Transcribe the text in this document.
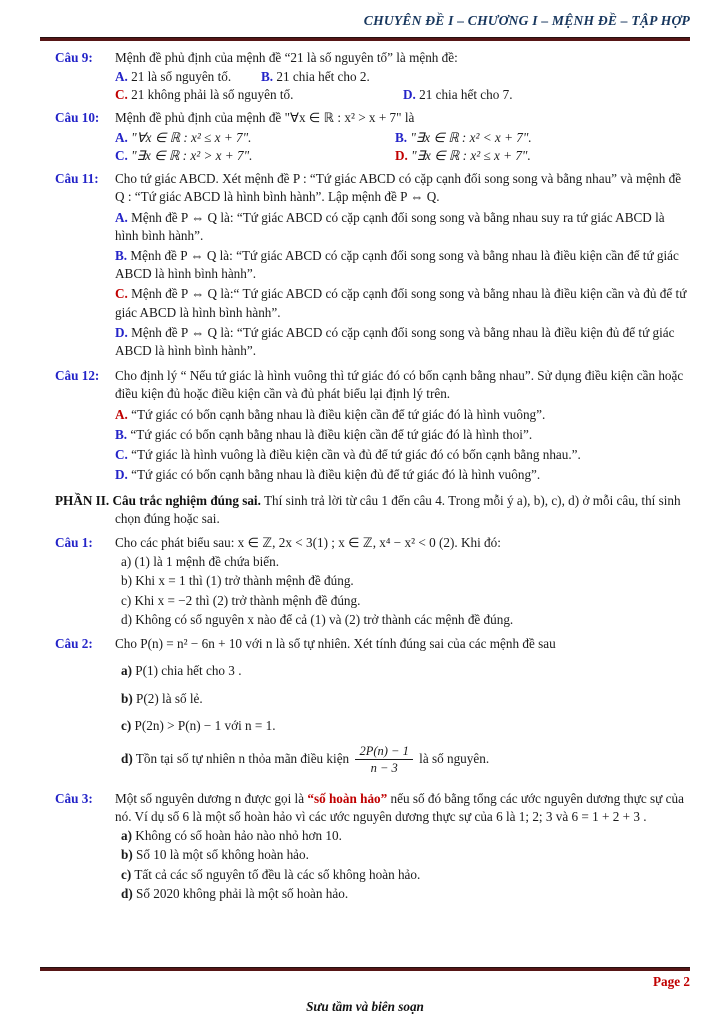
CHUYÊN ĐỀ I – CHƯƠNG I – MỆNH ĐỀ – TẬP HỢP
Câu 9:	Mệnh đề phủ định của mệnh đề “21 là số nguyên tố” là mệnh đề:
A. 21 là số nguyên tố.	B. 21 chia hết cho 2.
C. 21 không phải là số nguyên tố.	D. 21 chia hết cho 7.
Câu 10:	Mệnh đề phủ định của mệnh đề "∀x ∈ ℝ : x² > x + 7" là
A. "∀x ∈ ℝ : x² ≤ x + 7".	B. "∃x ∈ ℝ : x² < x + 7".
C. "∃x ∈ ℝ : x² > x + 7".	D. "∃x ∈ ℝ : x² ≤ x + 7".
Câu 11:	Cho tứ giác ABCD. Xét mệnh đề P : “Tứ giác ABCD có cặp cạnh đối song song và bằng nhau” và mệnh đề Q : “Tứ giác ABCD là hình bình hành”. Lập mệnh đề P ⇔ Q.
A. Mệnh đề P ⇔ Q là: “Tứ giác ABCD có cặp cạnh đối song song và bằng nhau suy ra tứ giác ABCD là hình bình hành”.
B. Mệnh đề P ⇔ Q là: “Tứ giác ABCD có cặp cạnh đối song song và bằng nhau là điều kiện cần để tứ giác ABCD là hình bình hành”.
C. Mệnh đề P ⇔ Q là:“ Tứ giác ABCD có cặp cạnh đối song song và bằng nhau là điều kiện cần và đủ để tứ giác ABCD là hình bình hành”.
D. Mệnh đề P ⇔ Q là: “Tứ giác ABCD có cặp cạnh đối song song và bằng nhau là điều kiện đủ để tứ giác ABCD là hình bình hành”.
Câu 12:	Cho định lý “ Nếu tứ giác là hình vuông thì tứ giác đó có bốn cạnh bằng nhau”. Sử dụng điều kiện cần hoặc điều kiện đủ hoặc điều kiện cần và đủ phát biểu lại định lý trên.
A. “Tứ giác có bốn cạnh bằng nhau là điều kiện cần để tứ giác đó là hình vuông”.
B. “Tứ giác có bốn cạnh bằng nhau là điều kiện cần để tứ giác đó là hình thoi”.
C. “Tứ giác là hình vuông là điều kiện cần và đủ để tứ giác đó có bốn cạnh bằng nhau.”.
D. “Tứ giác có bốn cạnh bằng nhau là điều kiện đủ để tứ giác đó là hình vuông”.
PHẦN II. Câu trắc nghiệm đúng sai. Thí sinh trả lời từ câu 1 đến câu 4. Trong mỗi ý a), b), c), d) ở mỗi câu, thí sinh chọn đúng hoặc sai.
Câu 1:	Cho các phát biểu sau: x ∈ ℤ, 2x < 3(1) ; x ∈ ℤ, x⁴ − x² < 0 (2). Khi đó:
a) (1) là 1 mệnh đề chứa biến.
b) Khi x = 1 thì (1) trở thành mệnh đề đúng.
c) Khi x = −2 thì (2) trở thành mệnh đề đúng.
d) Không có số nguyên x nào để cả (1) và (2) trở thành các mệnh đề đúng.
Câu 2:	Cho P(n) = n² − 6n + 10 với n là số tự nhiên. Xét tính đúng sai của các mệnh đề sau
a) P(1) chia hết cho 3 .
b) P(2) là số lẻ.
c) P(2n) > P(n) − 1 với n = 1.
d) Tồn tại số tự nhiên n thỏa mãn điều kiện $\frac{2P(n) - 1}{n - 3}$ là số nguyên.
Câu 3:	Một số nguyên dương n được gọi là “số hoàn hảo” nếu số đó bằng tổng các ước nguyên dương thực sự của nó. Ví dụ số 6 là một số hoàn hảo vì các ước nguyên dương thực sự của 6 là 1; 2; 3 và 6 = 1 + 2 + 3 .
a) Không có số hoàn hảo nào nhỏ hơn 10.
b) Số 10 là một số không hoàn hảo.
c) Tất cả các số nguyên tố đều là các số không hoàn hảo.
d) Số 2020 không phải là một số hoàn hảo.
Page 2
Sưu tầm và biên soạn
